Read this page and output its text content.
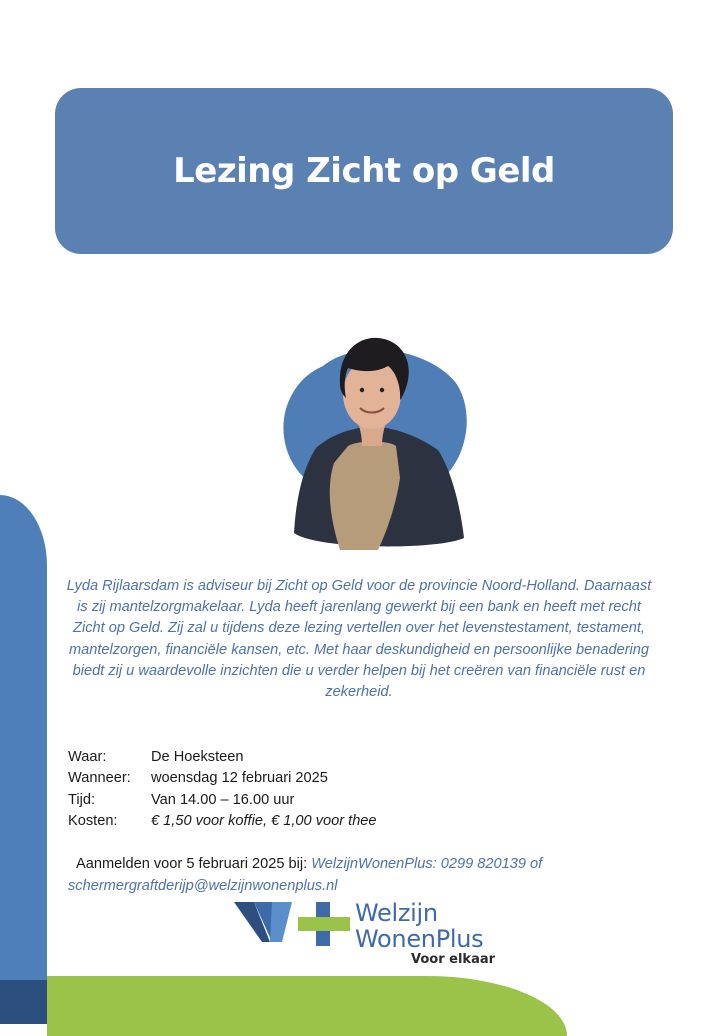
Lezing Zicht op Geld

Lyda Rijlaarsdam is adviseur bij Zicht op Geld voor de provincie Noord-Holland. Daarnaast is zij mantelzorgmakelaar. Lyda heeft jarenlang gewerkt bij een bank en heeft met recht Zicht op Geld. Zij zal u tijdens deze lezing vertellen over het levenstestament, testament, mantelzorgen, financiële kansen, etc. Met haar deskundigheid en persoonlijke benadering biedt zij u waardevolle inzichten die u verder helpen bij het creëren van financiële rust en zekerheid.

Waar:	De Hoeksteen
Wanneer:	woensdag 12 februari 2025
Tijd:	Van 14.00 – 16.00 uur
Kosten:	€ 1,50 voor koffie, € 1,00 voor thee
Aanmelden voor 5 februari 2025 bij: WelzijnWonenPlus: 0299 820139 of
schermergraftderijp@welzijnwonenplus.nl
Welzijn
WonenPlus
Voor elkaar
